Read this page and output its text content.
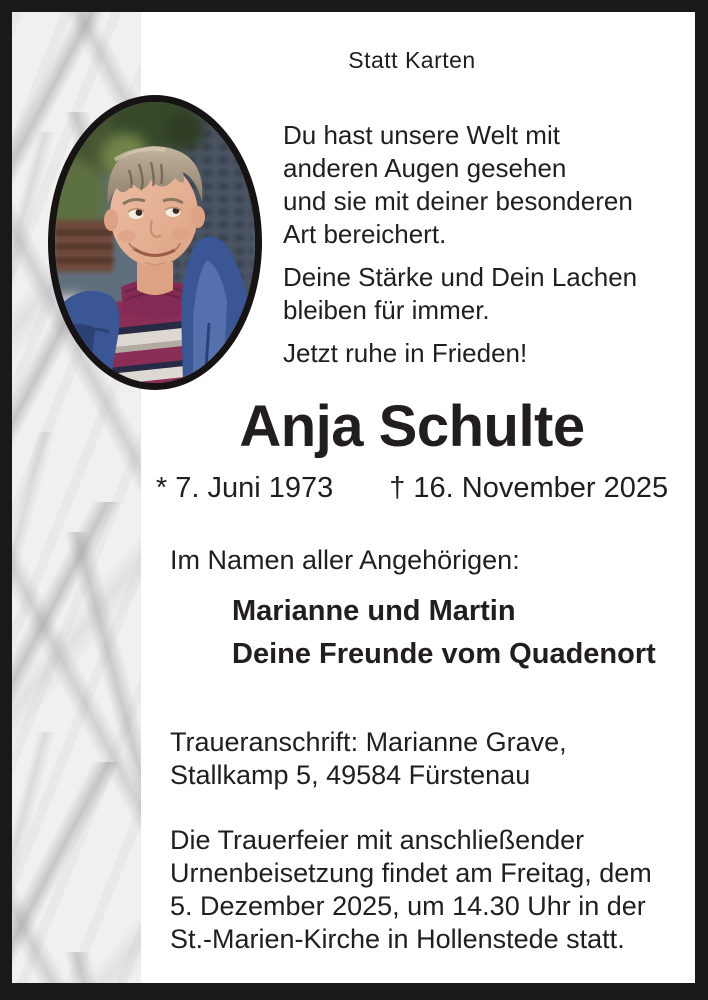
Statt Karten
Du hast unsere Welt mit
anderen Augen gesehen
und sie mit deiner besonderen
Art bereichert.
Deine Stärke und Dein Lachen
bleiben für immer.
Jetzt ruhe in Frieden!
Anja Schulte
* 7. Juni 1973 † 16. November 2025
Im Namen aller Angehörigen:
Marianne und Martin
Deine Freunde vom Quadenort
Traueranschrift: Marianne Grave,
Stallkamp 5, 49584 Fürstenau
Die Trauerfeier mit anschließender
Urnenbeisetzung findet am Freitag, dem
5. Dezember 2025, um 14.30 Uhr in der
St.-Marien-Kirche in Hollenstede statt.
